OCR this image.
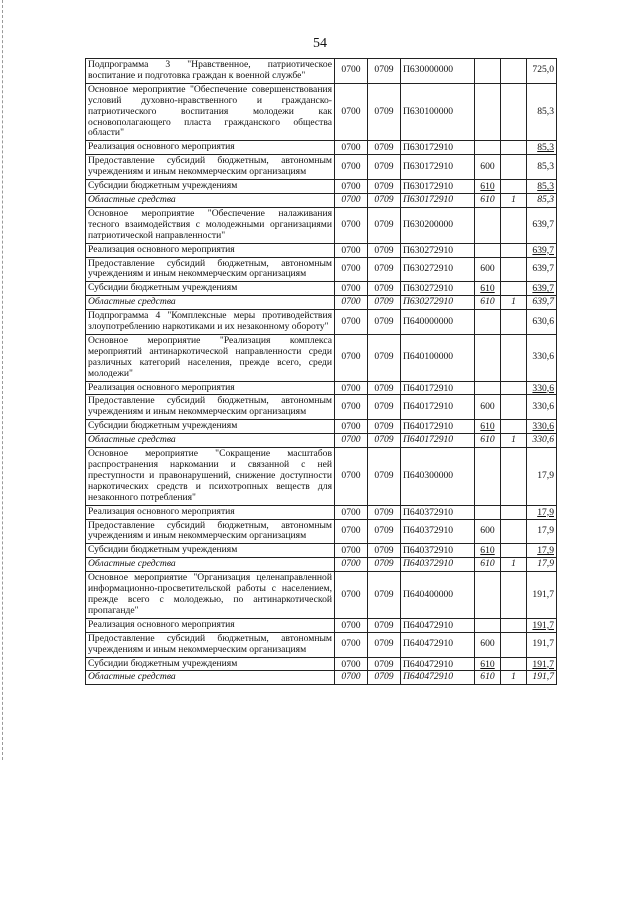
54
Подпрограмма 3 "Нравственное, патриотическое воспитание и подготовка граждан к военной службе"	0700	0709	П630000000			725,0
Основное мероприятие "Обеспечение совершенствования условий духовно-нравственного и гражданско-патриотического воспитания молодежи как основополагающего пласта гражданского общества области"	0700	0709	П630100000			85,3
Реализация основного мероприятия	0700	0709	П630172910			85,3
Предоставление субсидий бюджетным, автономным учреждениям и иным некоммерческим организациям	0700	0709	П630172910	600		85,3
Субсидии бюджетным учреждениям	0700	0709	П630172910	610		85,3
Областные средства	0700	0709	П630172910	610	1	85,3
Основное мероприятие "Обеспечение налаживания тесного взаимодействия с молодежными организациями патриотической направленности"	0700	0709	П630200000			639,7
Реализация основного мероприятия	0700	0709	П630272910			639,7
Предоставление субсидий бюджетным, автономным учреждениям и иным некоммерческим организациям	0700	0709	П630272910	600		639,7
Субсидии бюджетным учреждениям	0700	0709	П630272910	610		639,7
Областные средства	0700	0709	П630272910	610	1	639,7
Подпрограмма 4 "Комплексные меры противодействия злоупотреблению наркотиками и их незаконному обороту"	0700	0709	П640000000			630,6
Основное мероприятие "Реализация комплекса мероприятий антинаркотической направленности среди различных категорий населения, прежде всего, среди молодежи"	0700	0709	П640100000			330,6
Реализация основного мероприятия	0700	0709	П640172910			330,6
Предоставление субсидий бюджетным, автономным учреждениям и иным некоммерческим организациям	0700	0709	П640172910	600		330,6
Субсидии бюджетным учреждениям	0700	0709	П640172910	610		330,6
Областные средства	0700	0709	П640172910	610	1	330,6
Основное мероприятие "Сокращение масштабов распространения наркомании и связанной с ней преступности и правонарушений, снижение доступности наркотических средств и психотропных веществ для незаконного потребления"	0700	0709	П640300000			17,9
Реализация основного мероприятия	0700	0709	П640372910			17,9
Предоставление субсидий бюджетным, автономным учреждениям и иным некоммерческим организациям	0700	0709	П640372910	600		17,9
Субсидии бюджетным учреждениям	0700	0709	П640372910	610		17,9
Областные средства	0700	0709	П640372910	610	1	17,9
Основное мероприятие "Организация целенаправленной информационно-просветительской работы с населением, прежде всего с молодежью, по антинаркотической пропаганде"	0700	0709	П640400000			191,7
Реализация основного мероприятия	0700	0709	П640472910			191,7
Предоставление субсидий бюджетным, автономным учреждениям и иным некоммерческим организациям	0700	0709	П640472910	600		191,7
Субсидии бюджетным учреждениям	0700	0709	П640472910	610		191,7
Областные средства	0700	0709	П640472910	610	1	191,7
